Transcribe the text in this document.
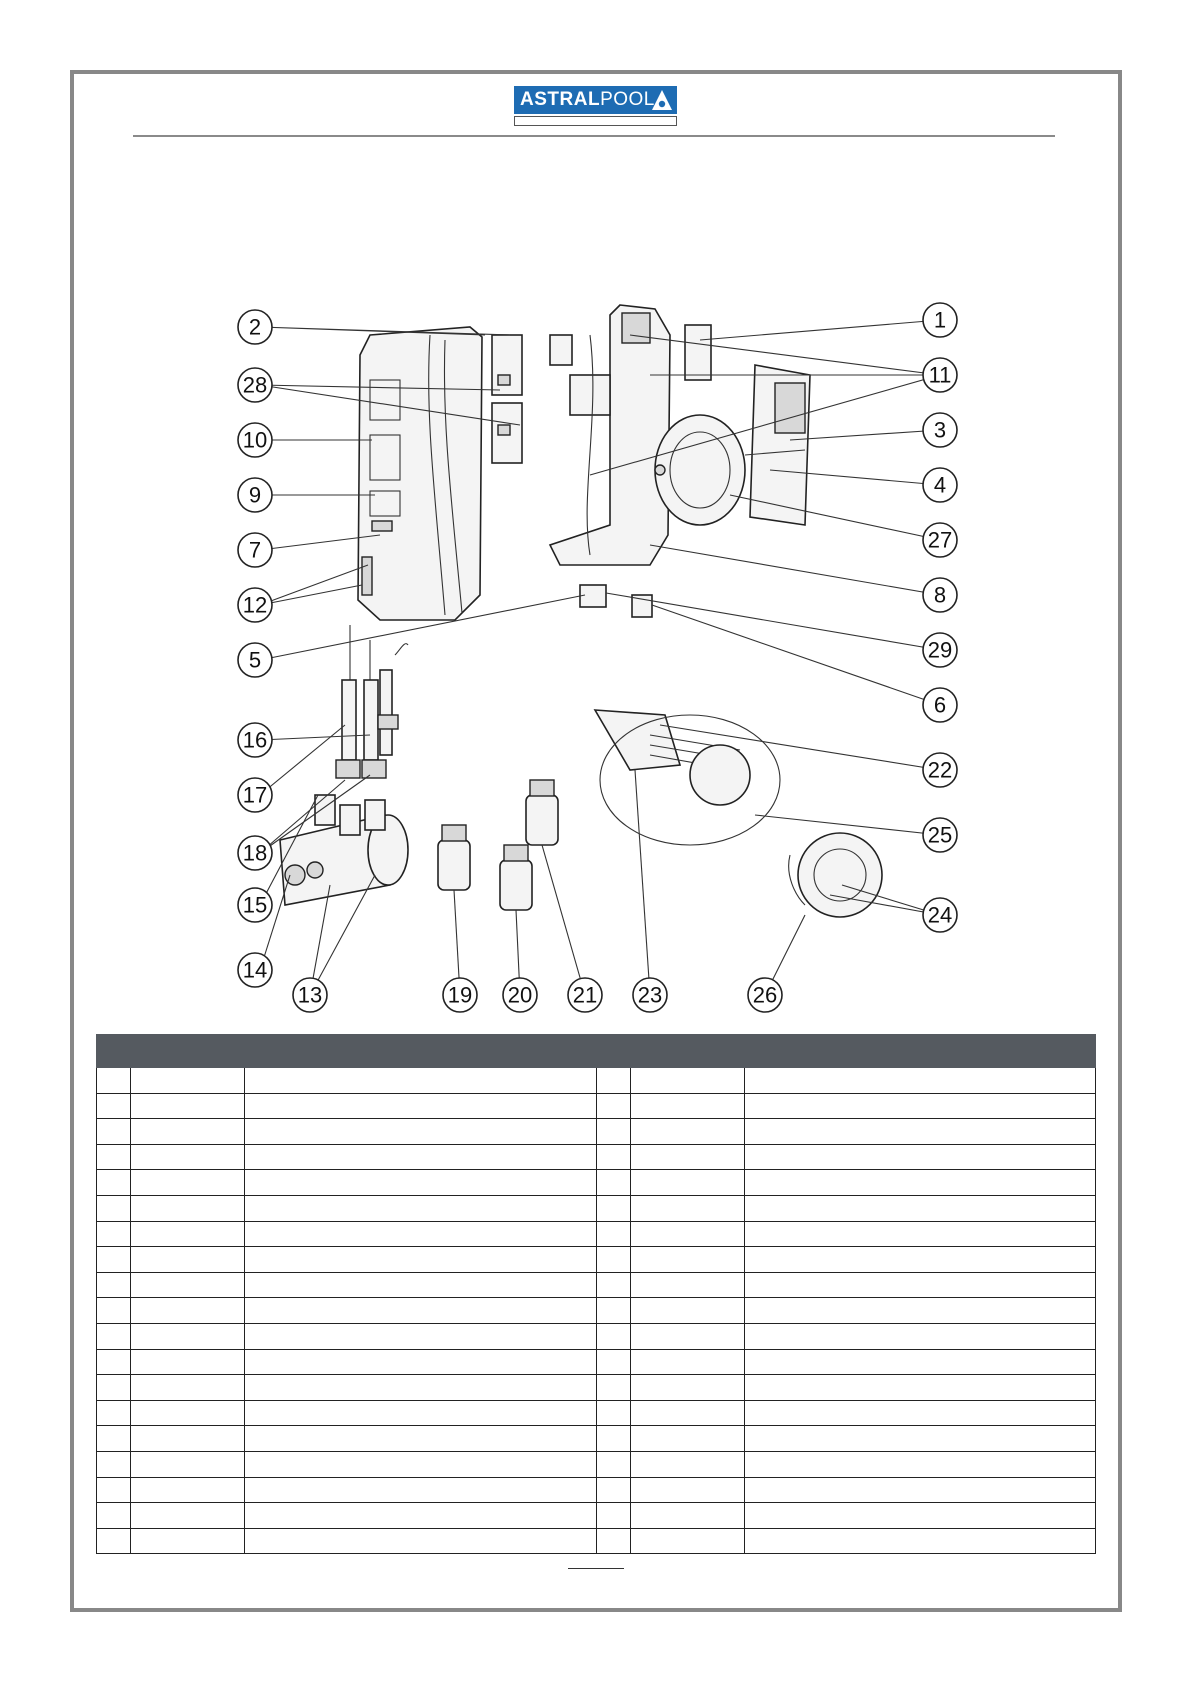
ASTRALPOOL
2
28
10
9
7
12
5
16
17
18
15
14
13	19 20 21 23	26
1
11
3
4
27
8
29
6
22
25
24
